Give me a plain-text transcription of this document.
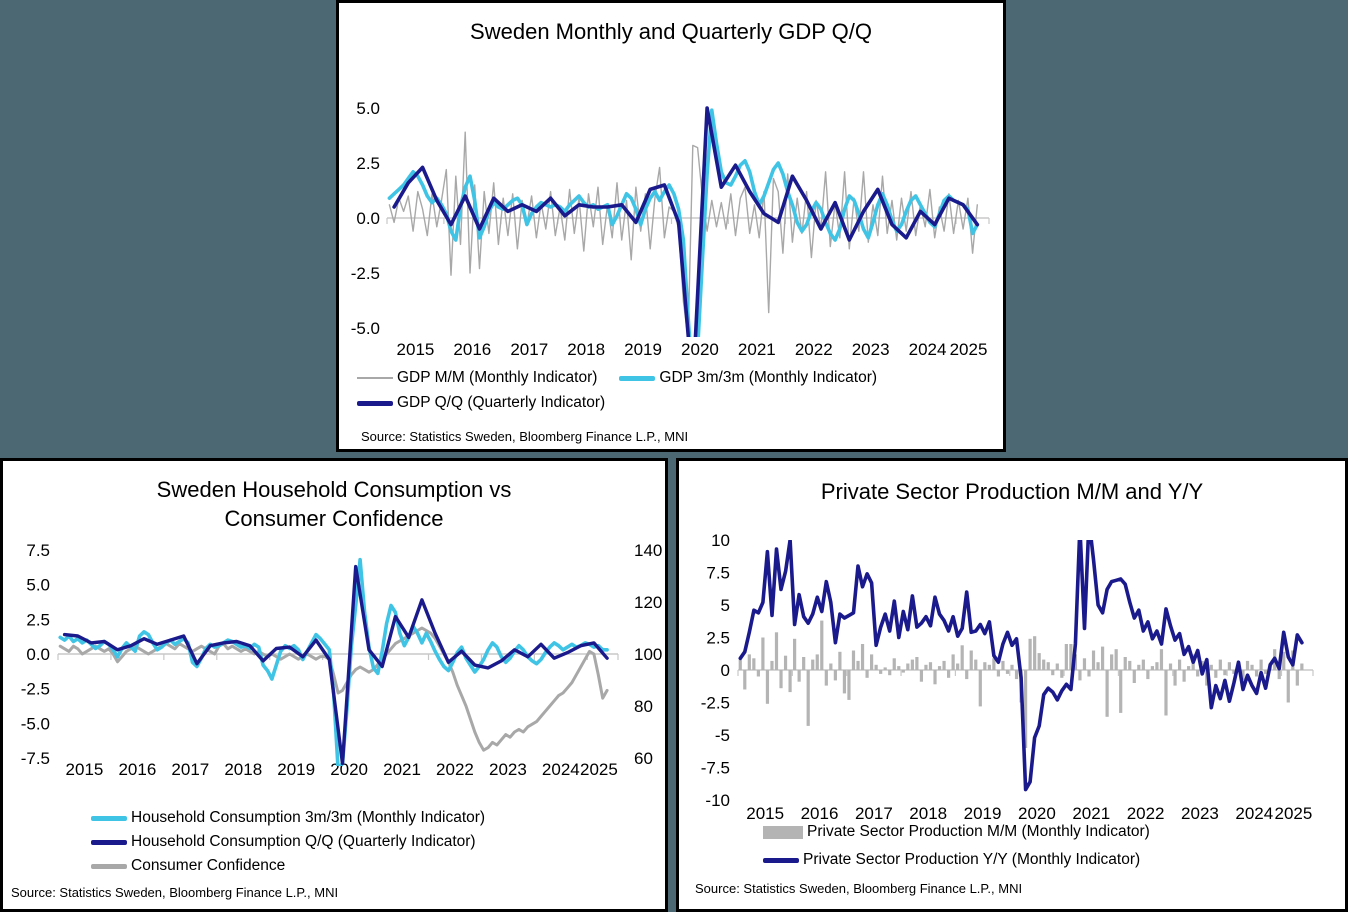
Sweden Monthly and Quarterly GDP Q/Q
5.0
2.5
0.0
-2.5
-5.0
2015 2016 2017 2018 2019 2020 2021 2022 2023 2024 2025
GDP M/M (Monthly Indicator)	GDP 3m/3m (Monthly Indicator)
GDP Q/Q (Quarterly Indicator)
Source: Statistics Sweden, Bloomberg Finance L.P., MNI
Sweden Household Consumption vs Consumer Confidence
7.5
5.0
2.5
0.0
-2.5
-5.0
-7.5
140
120
100
80
60
2015 2016 2017 2018 2019 2020 2021 2022 2023 2024 2025
Household Consumption 3m/3m (Monthly Indicator)
Household Consumption Q/Q (Quarterly Indicator)
Consumer Confidence
Source: Statistics Sweden, Bloomberg Finance L.P., MNI
Private Sector Production M/M and Y/Y
10
7.5
5
2.5
0
-2.5
-5
-7.5
-10
2015 2016 2017 2018 2019 2020 2021 2022 2023 2024 2025
Private Sector Production M/M (Monthly Indicator)
Private Sector Production Y/Y (Monthly Indicator)
Source: Statistics Sweden, Bloomberg Finance L.P., MNI
